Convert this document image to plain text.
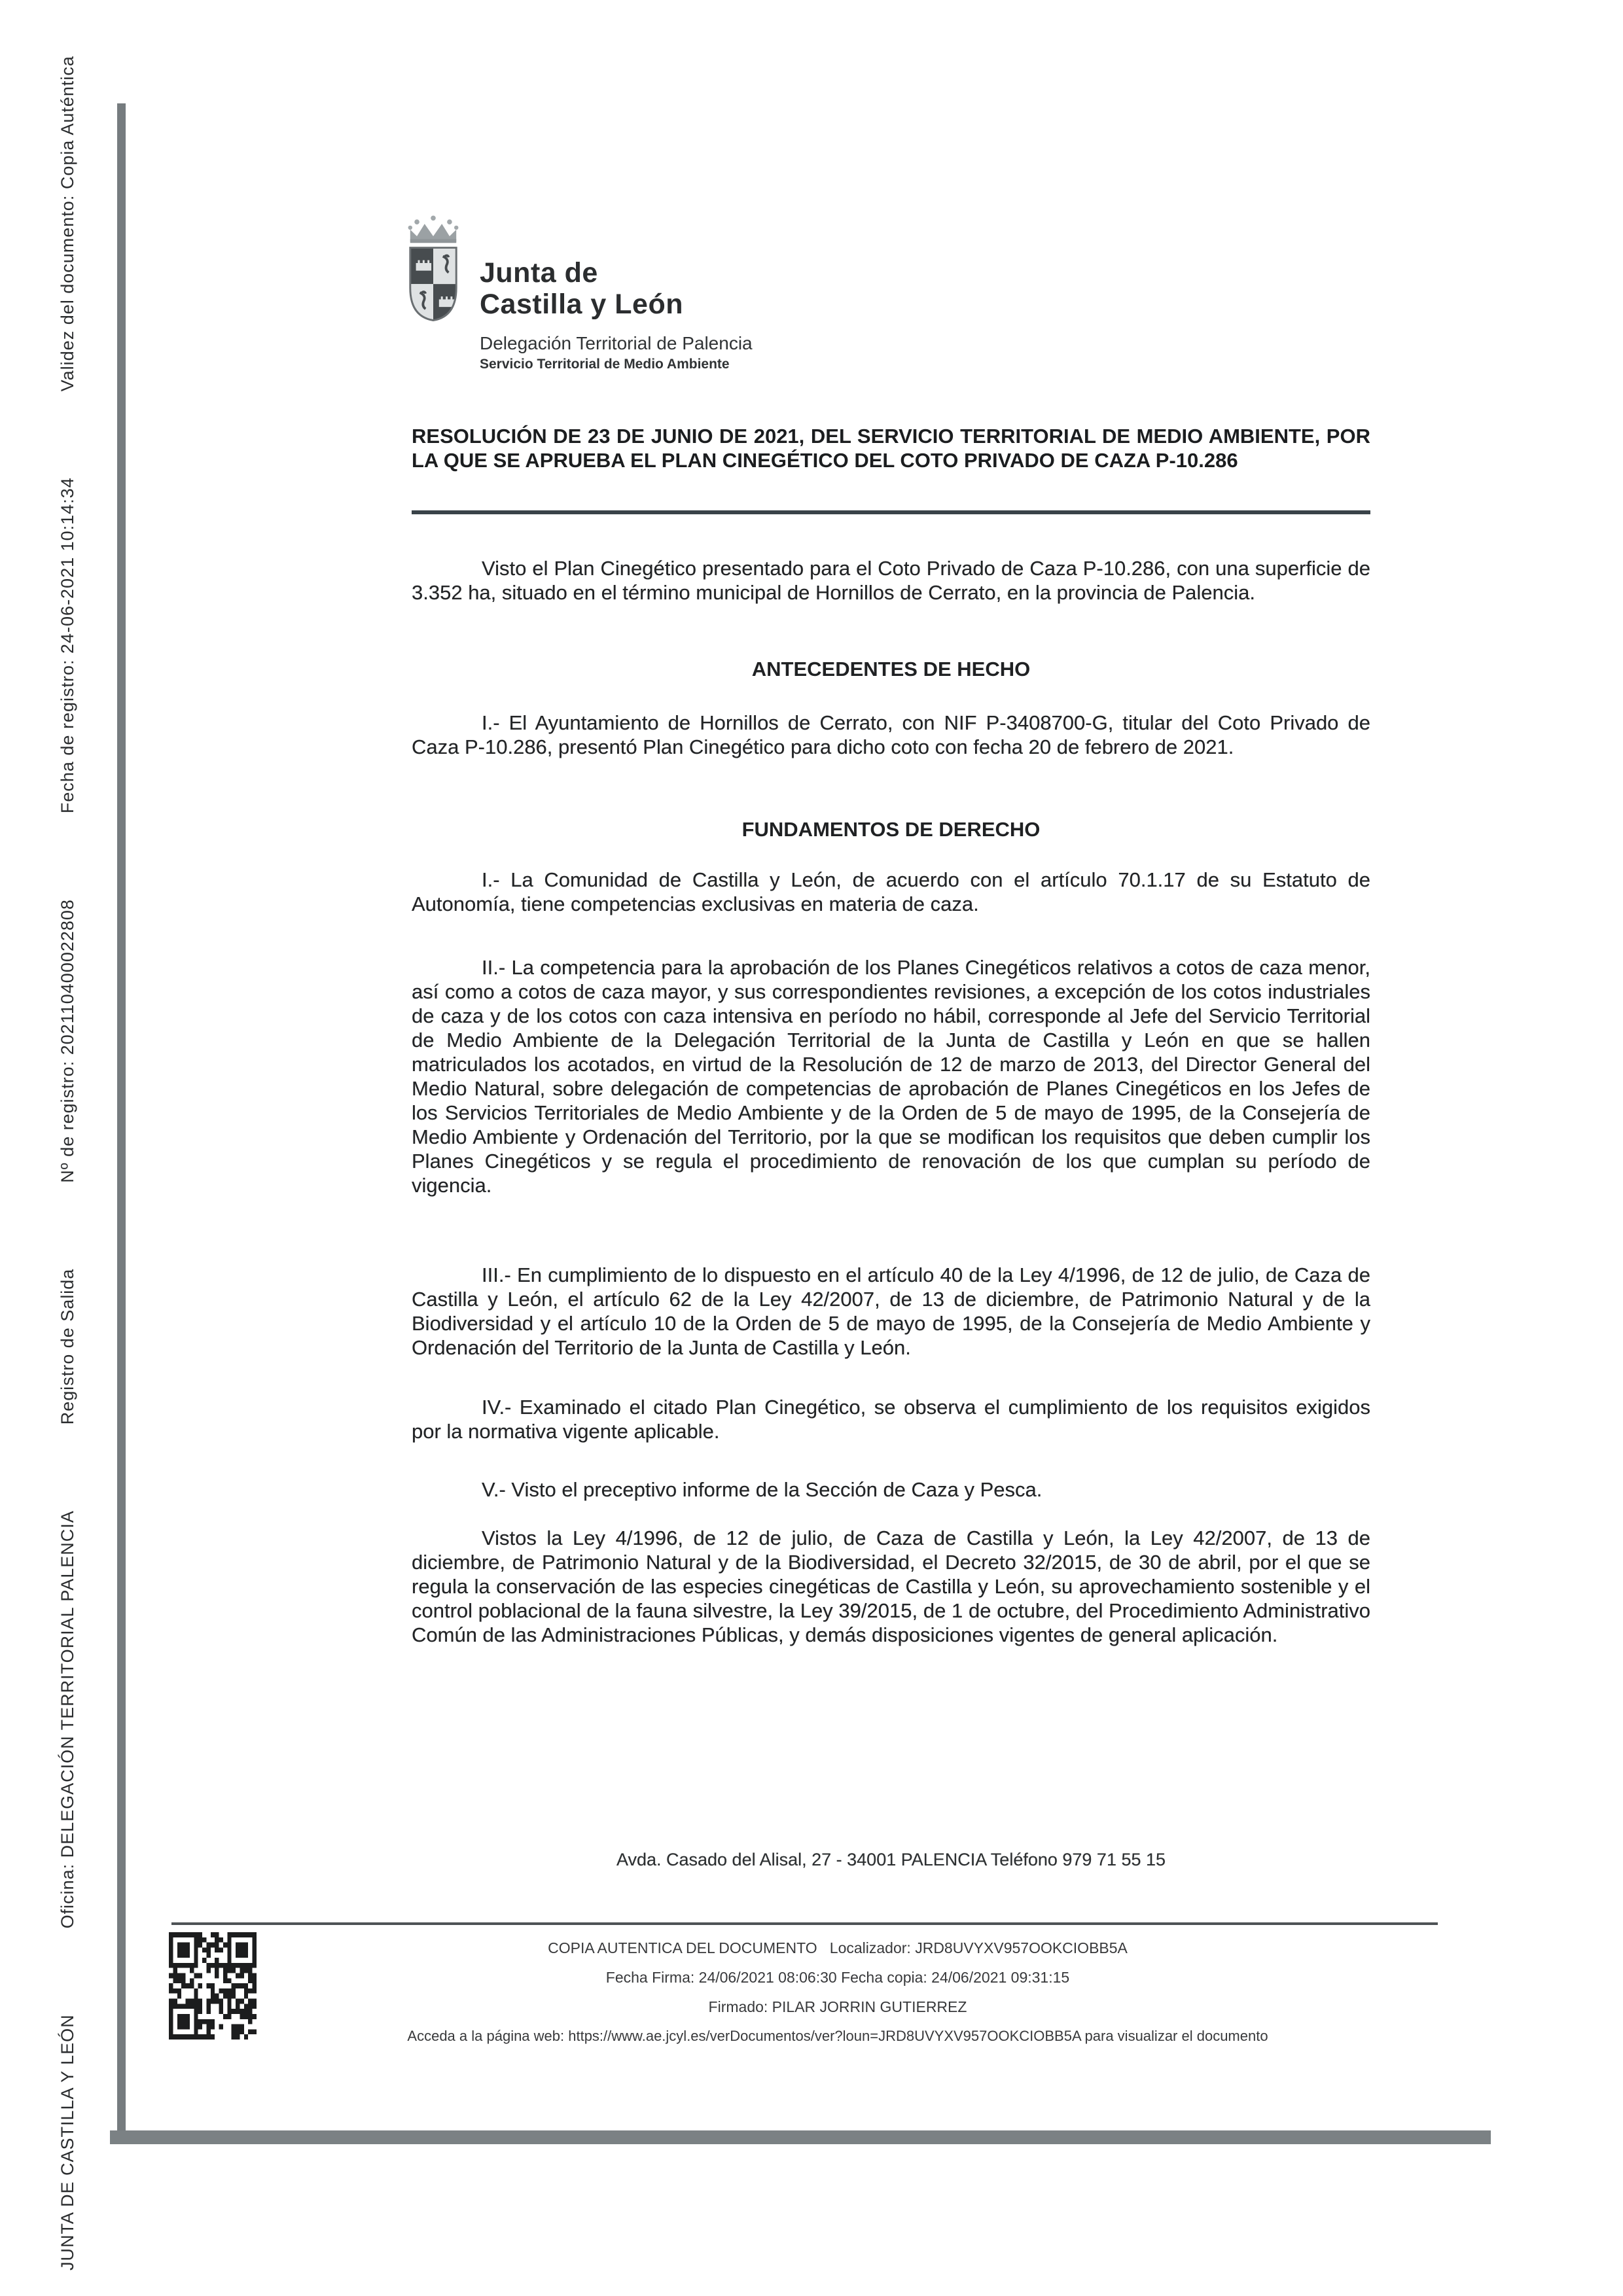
JUNTA DE CASTILLA Y LEÓN
Oficina: DELEGACIÓN TERRITORIAL PALENCIA
Registro de Salida
Nº de registro: 202110400022808
Fecha de registro: 24-06-2021 10:14:34
Validez del documento: Copia Auténtica	Junta de
Castilla y León
Delegación Territorial de Palencia
Servicio Territorial de Medio Ambiente
RESOLUCIÓN DE 23 DE JUNIO DE 2021, DEL SERVICIO TERRITORIAL DE MEDIO AMBIENTE, POR LA QUE SE APRUEBA EL PLAN CINEGÉTICO DEL COTO PRIVADO DE CAZA P-10.286
Visto el Plan Cinegético presentado para el Coto Privado de Caza P-10.286, con una superficie de 3.352 ha, situado en el término municipal de Hornillos de Cerrato, en la provincia de Palencia.
ANTECEDENTES DE HECHO
I.- El Ayuntamiento de Hornillos de Cerrato, con NIF P-3408700-G, titular del Coto Privado de Caza P-10.286, presentó Plan Cinegético para dicho coto con fecha 20 de febrero de 2021.
FUNDAMENTOS DE DERECHO
I.- La Comunidad de Castilla y León, de acuerdo con el artículo 70.1.17 de su Estatuto de Autonomía, tiene competencias exclusivas en materia de caza.
II.- La competencia para la aprobación de los Planes Cinegéticos relativos a cotos de caza menor, así como a cotos de caza mayor, y sus correspondientes revisiones, a excepción de los cotos industriales de caza y de los cotos con caza intensiva en período no hábil, corresponde al Jefe del Servicio Territorial de Medio Ambiente de la Delegación Territorial de la Junta de Castilla y León en que se hallen matriculados los acotados, en virtud de la Resolución de 12 de marzo de 2013, del Director General del Medio Natural, sobre delegación de competencias de aprobación de Planes Cinegéticos en los Jefes de los Servicios Territoriales de Medio Ambiente y de la Orden de 5 de mayo de 1995, de la Consejería de Medio Ambiente y Ordenación del Territorio, por la que se modifican los requisitos que deben cumplir los Planes Cinegéticos y se regula el procedimiento de renovación de los que cumplan su período de vigencia.
III.- En cumplimiento de lo dispuesto en el artículo 40 de la Ley 4/1996, de 12 de julio, de Caza de Castilla y León, el artículo 62 de la Ley 42/2007, de 13 de diciembre, de Patrimonio Natural y de la Biodiversidad y el artículo 10 de la Orden de 5 de mayo de 1995, de la Consejería de Medio Ambiente y Ordenación del Territorio de la Junta de Castilla y León.
IV.- Examinado el citado Plan Cinegético, se observa el cumplimiento de los requisitos exigidos por la normativa vigente aplicable.
V.- Visto el preceptivo informe de la Sección de Caza y Pesca.
Vistos la Ley 4/1996, de 12 de julio, de Caza de Castilla y León, la Ley 42/2007, de 13 de diciembre, de Patrimonio Natural y de la Biodiversidad, el Decreto 32/2015, de 30 de abril, por el que se regula la conservación de las especies cinegéticas de Castilla y León, su aprovechamiento sostenible y el control poblacional de la fauna silvestre, la Ley 39/2015, de 1 de octubre, del Procedimiento Administrativo Común de las Administraciones Públicas, y demás disposiciones vigentes de general aplicación.
Avda. Casado del Alisal, 27 - 34001 PALENCIA Teléfono 979 71 55 15
COPIA AUTENTICA DEL DOCUMENTO   Localizador: JRD8UVYXV957OOKCIOBB5A
Fecha Firma: 24/06/2021 08:06:30 Fecha copia: 24/06/2021 09:31:15
Firmado: PILAR JORRIN GUTIERREZ
Acceda a la página web: https://www.ae.jcyl.es/verDocumentos/ver?loun=JRD8UVYXV957OOKCIOBB5A para visualizar el documento
